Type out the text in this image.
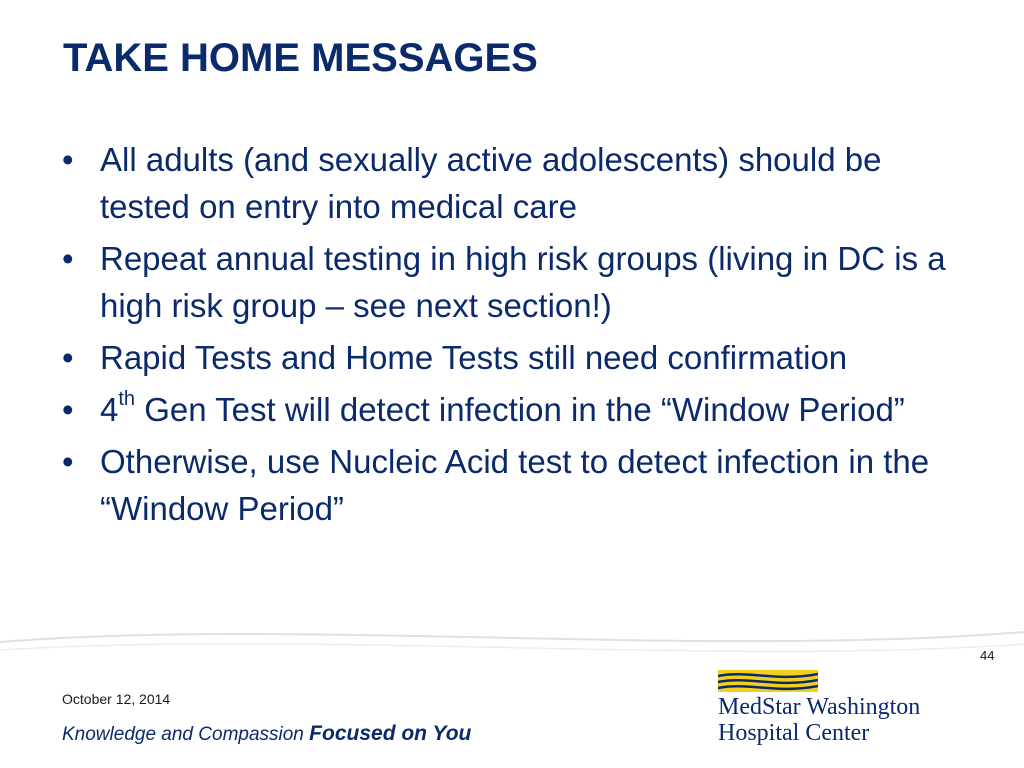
TAKE HOME MESSAGES
• All adults (and sexually active adolescents) should be tested on entry into medical care
• Repeat annual testing in high risk groups (living in DC is a high risk group – see next section!)
• Rapid Tests and Home Tests still need confirmation
• 4th Gen Test will detect infection in the “Window Period”
• Otherwise, use Nucleic Acid test to detect infection in the “Window Period”

44

October 12, 2014

Knowledge and Compassion Focused on You

MedStar Washington

Hospital Center
